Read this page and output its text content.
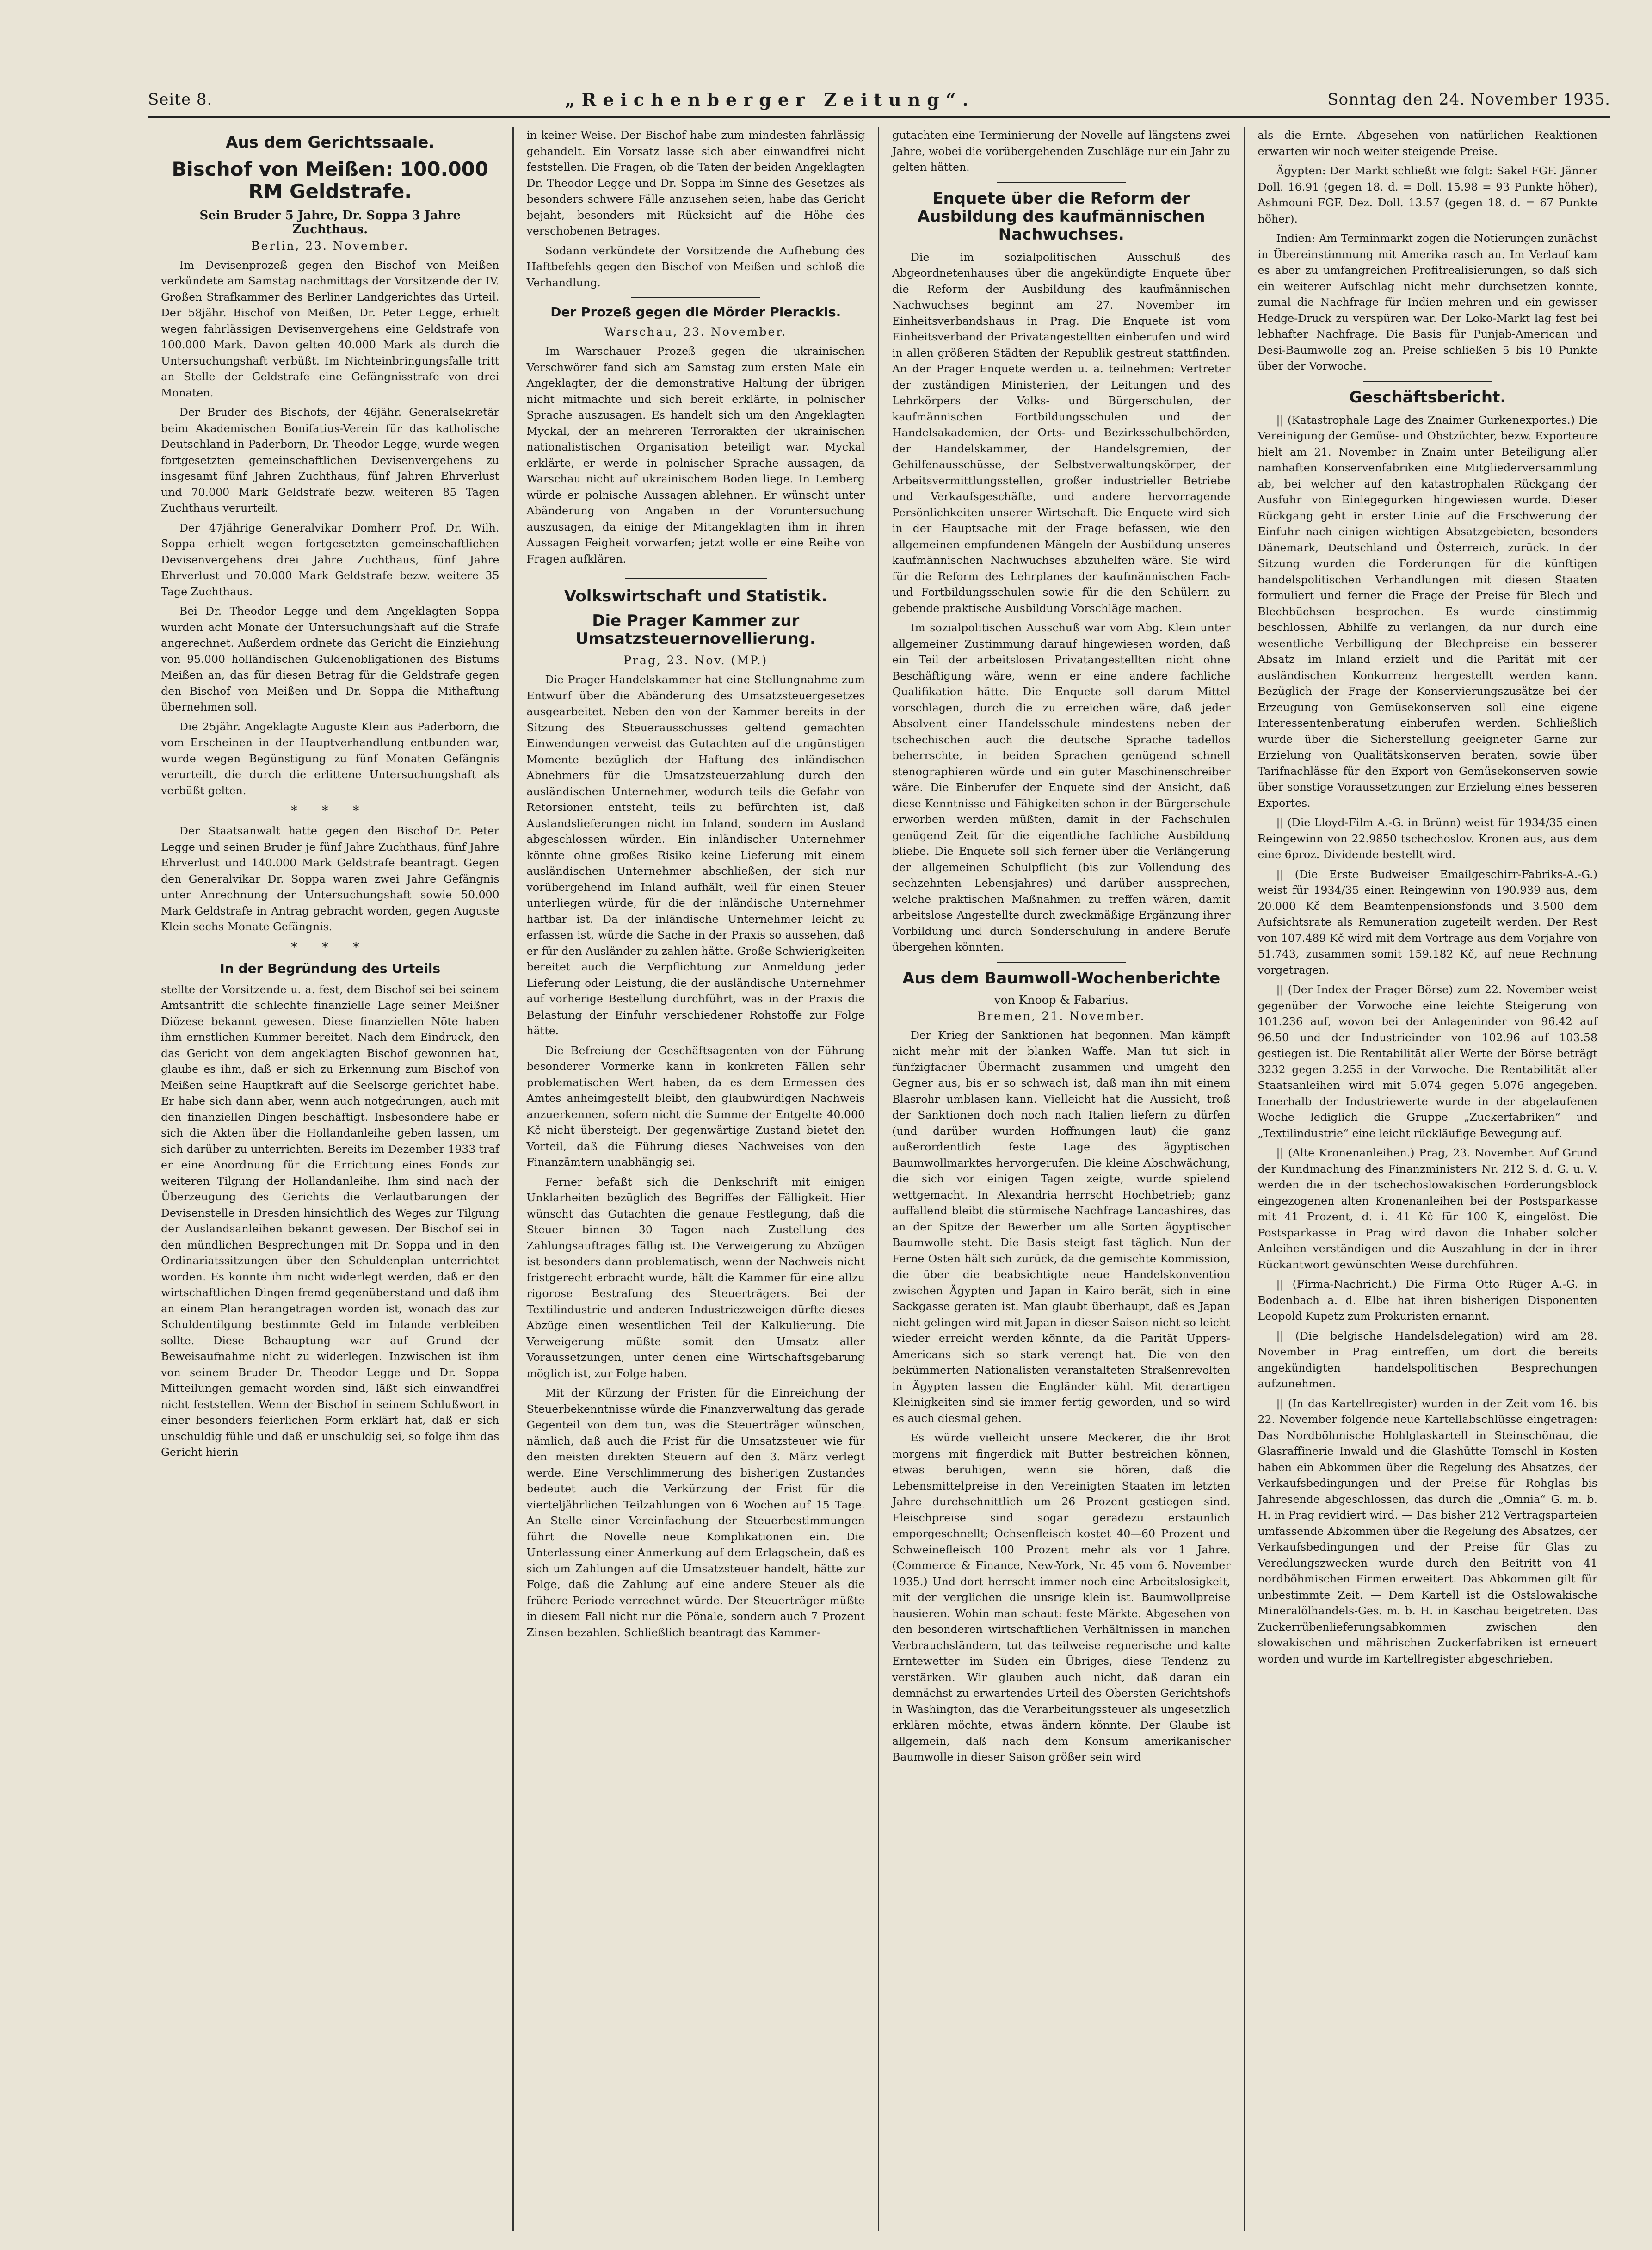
Seite 8.	„Reichenberger Zeitung“.	Sonntag den 24. November 1935.
Aus dem Gerichtssaale.
Bischof von Meißen: 100.000 RM Geldstrafe.
Sein Bruder 5 Jahre, Dr. Soppa 3 Jahre Zuchthaus.
Berlin, 23. November.

Im Devisenprozeß gegen den Bischof von Meißen verkündete am Samstag nachmittags der Vorsitzende der IV. Großen Strafkammer des Berliner Landgerichtes das Urteil. Der 58jähr. Bischof von Meißen, Dr. Peter Legge, erhielt wegen fahrlässigen Devisenvergehens eine Geldstrafe von 100.000 Mark. Davon gelten 40.000 Mark als durch die Untersuchungshaft verbüßt. Im Nichteinbringungsfalle tritt an Stelle der Geldstrafe eine Gefängnisstrafe von drei Monaten.

Der Bruder des Bischofs, der 46jähr. Generalsekretär beim Akademischen Bonifatius-Verein für das katholische Deutschland in Paderborn, Dr. Theodor Legge, wurde wegen fortgesetzten gemeinschaftlichen Devisenvergehens zu insgesamt fünf Jahren Zuchthaus, fünf Jahren Ehrverlust und 70.000 Mark Geldstrafe bezw. weiteren 85 Tagen Zuchthaus verurteilt.

Der 47jährige Generalvikar Domherr Prof. Dr. Wilh. Soppa erhielt wegen fortgesetzten gemeinschaftlichen Devisenvergehens drei Jahre Zuchthaus, fünf Jahre Ehrverlust und 70.000 Mark Geldstrafe bezw. weitere 35 Tage Zuchthaus.

Bei Dr. Theodor Legge und dem Angeklagten Soppa wurden acht Monate der Untersuchungshaft auf die Strafe angerechnet. Außerdem ordnete das Gericht die Einziehung von 95.000 holländischen Guldenobligationen des Bistums Meißen an, das für diesen Betrag für die Geldstrafe gegen den Bischof von Meißen und Dr. Soppa die Mithaftung übernehmen soll.

Die 25jähr. Angeklagte Auguste Klein aus Paderborn, die vom Erscheinen in der Hauptverhandlung entbunden war, wurde wegen Begünstigung zu fünf Monaten Gefängnis verurteilt, die durch die erlittene Untersuchungshaft als verbüßt gelten.

* * *

Der Staatsanwalt hatte gegen den Bischof Dr. Peter Legge und seinen Bruder je fünf Jahre Zuchthaus, fünf Jahre Ehrverlust und 140.000 Mark Geldstrafe beantragt. Gegen den Generalvikar Dr. Soppa waren zwei Jahre Gefängnis unter Anrechnung der Untersuchungshaft sowie 50.000 Mark Geldstrafe in Antrag gebracht worden, gegen Auguste Klein sechs Monate Gefängnis.

* * *
In der Begründung des Urteils

stellte der Vorsitzende u. a. fest, dem Bischof sei bei seinem Amtsantritt die schlechte finanzielle Lage seiner Meißner Diözese bekannt gewesen. Diese finanziellen Nöte haben ihm ernstlichen Kummer bereitet. Nach dem Eindruck, den das Gericht von dem angeklagten Bischof gewonnen hat, glaube es ihm, daß er sich zu Erkennung zum Bischof von Meißen seine Hauptkraft auf die Seelsorge gerichtet habe. Er habe sich dann aber, wenn auch notgedrungen, auch mit den finanziellen Dingen beschäftigt. Insbesondere habe er sich die Akten über die Hollandanleihe geben lassen, um sich darüber zu unterrichten. Bereits im Dezember 1933 traf er eine Anordnung für die Errichtung eines Fonds zur weiteren Tilgung der Hollandanleihe. Ihm sind nach der Überzeugung des Gerichts die Verlautbarungen der Devisenstelle in Dresden hinsichtlich des Weges zur Tilgung der Auslandsanleihen bekannt gewesen. Der Bischof sei in den mündlichen Besprechungen mit Dr. Soppa und in den Ordinariatssitzungen über den Schuldenplan unterrichtet worden. Es konnte ihm nicht widerlegt werden, daß er den wirtschaftlichen Dingen fremd gegenüberstand und daß ihm an einem Plan herangetragen worden ist, wonach das zur Schuldentilgung bestimmte Geld im Inlande verbleiben sollte. Diese Behauptung war auf Grund der Beweisaufnahme nicht zu widerlegen. Inzwischen ist ihm von seinem Bruder Dr. Theodor Legge und Dr. Soppa Mitteilungen gemacht worden sind, läßt sich einwandfrei nicht feststellen. Wenn der Bischof in seinem Schlußwort in einer besonders feierlichen Form erklärt hat, daß er sich unschuldig fühle und daß er unschuldig sei, so folge ihm das Gericht hierin

in keiner Weise. Der Bischof habe zum mindesten fahrlässig gehandelt. Ein Vorsatz lasse sich aber einwandfrei nicht feststellen. Die Fragen, ob die Taten der beiden Angeklagten Dr. Theodor Legge und Dr. Soppa im Sinne des Gesetzes als besonders schwere Fälle anzusehen seien, habe das Gericht bejaht, besonders mit Rücksicht auf die Höhe des verschobenen Betrages.

Sodann verkündete der Vorsitzende die Aufhebung des Haftbefehls gegen den Bischof von Meißen und schloß die Verhandlung.

Der Prozeß gegen die Mörder Pierackis.
Warschau, 23. November.

Im Warschauer Prozeß gegen die ukrainischen Verschwörer fand sich am Samstag zum ersten Male ein Angeklagter, der die demonstrative Haltung der übrigen nicht mitmachte und sich bereit erklärte, in polnischer Sprache auszusagen. Es handelt sich um den Angeklagten Myckal, der an mehreren Terrorakten der ukrainischen nationalistischen Organisation beteiligt war. Myckal erklärte, er werde in polnischer Sprache aussagen, da Warschau nicht auf ukrainischem Boden liege. In Lemberg würde er polnische Aussagen ablehnen. Er wünscht unter Abänderung von Angaben in der Voruntersuchung auszusagen, da einige der Mitangeklagten ihm in ihren Aussagen Feigheit vorwarfen; jetzt wolle er eine Reihe von Fragen aufklären.

Volkswirtschaft und Statistik.
Die Prager Kammer zur Umsatzsteuernovellierung.
Prag, 23. Nov. (MP.)

Die Prager Handelskammer hat eine Stellungnahme zum Entwurf über die Abänderung des Umsatzsteuergesetzes ausgearbeitet. Neben den von der Kammer bereits in der Sitzung des Steuerausschusses geltend gemachten Einwendungen verweist das Gutachten auf die ungünstigen Momente bezüglich der Haftung des inländischen Abnehmers für die Umsatzsteuerzahlung durch den ausländischen Unternehmer, wodurch teils die Gefahr von Retorsionen entsteht, teils zu befürchten ist, daß Auslandslieferungen nicht im Inland, sondern im Ausland abgeschlossen würden. Ein inländischer Unternehmer könnte ohne großes Risiko keine Lieferung mit einem ausländischen Unternehmer abschließen, der sich nur vorübergehend im Inland aufhält, weil für einen Steuer unterliegen würde, für die der inländische Unternehmer haftbar ist. Da der inländische Unternehmer leicht zu erfassen ist, würde die Sache in der Praxis so aussehen, daß er für den Ausländer zu zahlen hätte. Große Schwierigkeiten bereitet auch die Verpflichtung zur Anmeldung jeder Lieferung oder Leistung, die der ausländische Unternehmer auf vorherige Bestellung durchführt, was in der Praxis die Belastung der Einfuhr verschiedener Rohstoffe zur Folge hätte.

Die Befreiung der Geschäftsagenten von der Führung besonderer Vormerke kann in konkreten Fällen sehr problematischen Wert haben, da es dem Ermessen des Amtes anheimgestellt bleibt, den glaubwürdigen Nachweis anzuerkennen, sofern nicht die Summe der Entgelte 40.000 Kč nicht übersteigt. Der gegenwärtige Zustand bietet den Vorteil, daß die Führung dieses Nachweises von den Finanzämtern unabhängig sei.

Ferner befaßt sich die Denkschrift mit einigen Unklarheiten bezüglich des Begriffes der Fälligkeit. Hier wünscht das Gutachten die genaue Festlegung, daß die Steuer binnen 30 Tagen nach Zustellung des Zahlungsauftrages fällig ist. Die Verweigerung zu Abzügen ist besonders dann problematisch, wenn der Nachweis nicht fristgerecht erbracht wurde, hält die Kammer für eine allzu rigorose Bestrafung des Steuerträgers. Bei der Textilindustrie und anderen Industriezweigen dürfte dieses Abzüge einen wesentlichen Teil der Kalkulierung. Die Verweigerung müßte somit den Umsatz aller Voraussetzungen, unter denen eine Wirtschaftsgebarung möglich ist, zur Folge haben.

Mit der Kürzung der Fristen für die Einreichung der Steuerbekenntnisse würde die Finanzverwaltung das gerade Gegenteil von dem tun, was die Steuerträger wünschen, nämlich, daß auch die Frist für die Umsatzsteuer wie für den meisten direkten Steuern auf den 3. März verlegt werde. Eine Verschlimmerung des bisherigen Zustandes bedeutet auch die Verkürzung der Frist für die vierteljährlichen Teilzahlungen von 6 Wochen auf 15 Tage. An Stelle einer Vereinfachung der Steuerbestimmungen führt die Novelle neue Komplikationen ein. Die Unterlassung einer Anmerkung auf dem Erlagschein, daß es sich um Zahlungen auf die Umsatzsteuer handelt, hätte zur Folge, daß die Zahlung auf eine andere Steuer als die frühere Periode verrechnet würde. Der Steuerträger müßte in diesem Fall nicht nur die Pönale, sondern auch 7 Prozent Zinsen bezahlen. Schließlich beantragt das Kammer-

gutachten eine Terminierung der Novelle auf längstens zwei Jahre, wobei die vorübergehenden Zuschläge nur ein Jahr zu gelten hätten.

Enquete über die Reform der Ausbildung des kaufmännischen Nachwuchses.

Die im sozialpolitischen Ausschuß des Abgeordnetenhauses über die angekündigte Enquete über die Reform der Ausbildung des kaufmännischen Nachwuchses beginnt am 27. November im Einheitsverbandshaus in Prag. Die Enquete ist vom Einheitsverband der Privatangestellten einberufen und wird in allen größeren Städten der Republik gestreut stattfinden. An der Prager Enquete werden u. a. teilnehmen: Vertreter der zuständigen Ministerien, der Leitungen und des Lehrkörpers der Volks- und Bürgerschulen, der kaufmännischen Fortbildungsschulen und der Handelsakademien, der Orts- und Bezirksschulbehörden, der Handelskammer, der Handelsgremien, der Gehilfenausschüsse, der Selbstverwaltungskörper, der Arbeitsvermittlungsstellen, großer industrieller Betriebe und Verkaufsgeschäfte, und andere hervorragende Persönlichkeiten unserer Wirtschaft. Die Enquete wird sich in der Hauptsache mit der Frage befassen, wie den allgemeinen empfundenen Mängeln der Ausbildung unseres kaufmännischen Nachwuchses abzuhelfen wäre. Sie wird für die Reform des Lehrplanes der kaufmännischen Fach- und Fortbildungsschulen sowie für die den Schülern zu gebende praktische Ausbildung Vorschläge machen.

Im sozialpolitischen Ausschuß war vom Abg. Klein unter allgemeiner Zustimmung darauf hingewiesen worden, daß ein Teil der arbeitslosen Privatangestellten nicht ohne Beschäftigung wäre, wenn er eine andere fachliche Qualifikation hätte. Die Enquete soll darum Mittel vorschlagen, durch die zu erreichen wäre, daß jeder Absolvent einer Handelsschule mindestens neben der tschechischen auch die deutsche Sprache tadellos beherrschte, in beiden Sprachen genügend schnell stenographieren würde und ein guter Maschinenschreiber wäre. Die Einberufer der Enquete sind der Ansicht, daß diese Kenntnisse und Fähigkeiten schon in der Bürgerschule erworben werden müßten, damit in der Fachschulen genügend Zeit für die eigentliche fachliche Ausbildung bliebe. Die Enquete soll sich ferner über die Verlängerung der allgemeinen Schulpflicht (bis zur Vollendung des sechzehnten Lebensjahres) und darüber aussprechen, welche praktischen Maßnahmen zu treffen wären, damit arbeitslose Angestellte durch zweckmäßige Ergänzung ihrer Vorbildung und durch Sonderschulung in andere Berufe übergehen könnten.

Aus dem Baumwoll-Wochenberichte
von Knoop & Fabarius.
Bremen, 21. November.

Der Krieg der Sanktionen hat begonnen. Man kämpft nicht mehr mit der blanken Waffe. Man tut sich in fünfzigfacher Übermacht zusammen und umgeht den Gegner aus, bis er so schwach ist, daß man ihn mit einem Blasrohr umblasen kann. Vielleicht hat die Aussicht, troß der Sanktionen doch noch nach Italien liefern zu dürfen (und darüber wurden Hoffnungen laut) die ganz außerordentlich feste Lage des ägyptischen Baumwollmarktes hervorgerufen. Die kleine Abschwächung, die sich vor einigen Tagen zeigte, wurde spielend wettgemacht. In Alexandria herrscht Hochbetrieb; ganz auffallend bleibt die stürmische Nachfrage Lancashires, das an der Spitze der Bewerber um alle Sorten ägyptischer Baumwolle steht. Die Basis steigt fast täglich. Nun der Ferne Osten hält sich zurück, da die gemischte Kommission, die über die beabsichtigte neue Handelskonvention zwischen Ägypten und Japan in Kairo berät, sich in eine Sackgasse geraten ist. Man glaubt überhaupt, daß es Japan nicht gelingen wird mit Japan in dieser Saison nicht so leicht wieder erreicht werden könnte, da die Parität Uppers-Americans sich so stark verengt hat. Die von den bekümmerten Nationalisten veranstalteten Straßenrevolten in Ägypten lassen die Engländer kühl. Mit derartigen Kleinigkeiten sind sie immer fertig geworden, und so wird es auch diesmal gehen.

Es würde vielleicht unsere Meckerer, die ihr Brot morgens mit fingerdick mit Butter bestreichen können, etwas beruhigen, wenn sie hören, daß die Lebensmittelpreise in den Vereinigten Staaten im letzten Jahre durchschnittlich um 26 Prozent gestiegen sind. Fleischpreise sind sogar geradezu erstaunlich emporgeschnellt; Ochsenfleisch kostet 40—60 Prozent und Schweinefleisch 100 Prozent mehr als vor 1 Jahre. (Commerce & Finance, New-York, Nr. 45 vom 6. November 1935.) Und dort herrscht immer noch eine Arbeitslosigkeit, mit der verglichen die unsrige klein ist. Baumwollpreise hausieren. Wohin man schaut: feste Märkte. Abgesehen von den besonderen wirtschaftlichen Verhältnissen in manchen Verbrauchsländern, tut das teilweise regnerische und kalte Erntewetter im Süden ein Übriges, diese Tendenz zu verstärken. Wir glauben auch nicht, daß daran ein demnächst zu erwartendes Urteil des Obersten Gerichtshofs in Washington, das die Verarbeitungssteuer als ungesetzlich erklären möchte, etwas ändern könnte. Der Glaube ist allgemein, daß nach dem Konsum amerikanischer Baumwolle in dieser Saison größer sein wird

als die Ernte. Abgesehen von natürlichen Reaktionen erwarten wir noch weiter steigende Preise.

Ägypten: Der Markt schließt wie folgt: Sakel FGF. Jänner Doll. 16.91 (gegen 18. d. = Doll. 15.98 = 93 Punkte höher), Ashmouni FGF. Dez. Doll. 13.57 (gegen 18. d. = 67 Punkte höher).

Indien: Am Terminmarkt zogen die Notierungen zunächst in Übereinstimmung mit Amerika rasch an. Im Verlauf kam es aber zu umfangreichen Profitrealisierungen, so daß sich ein weiterer Aufschlag nicht mehr durchsetzen konnte, zumal die Nachfrage für Indien mehren und ein gewisser Hedge-Druck zu verspüren war. Der Loko-Markt lag fest bei lebhafter Nachfrage. Die Basis für Punjab-American und Desi-Baumwolle zog an. Preise schließen 5 bis 10 Punkte über der Vorwoche.

Geschäftsbericht.

|| (Katastrophale Lage des Znaimer Gurkenexportes.) Die Vereinigung der Gemüse- und Obstzüchter, bezw. Exporteure hielt am 21. November in Znaim unter Beteiligung aller namhaften Konservenfabriken eine Mitgliederversammlung ab, bei welcher auf den katastrophalen Rückgang der Ausfuhr von Einlegegurken hingewiesen wurde. Dieser Rückgang geht in erster Linie auf die Erschwerung der Einfuhr nach einigen wichtigen Absatzgebieten, besonders Dänemark, Deutschland und Österreich, zurück. In der Sitzung wurden die Forderungen für die künftigen handelspolitischen Verhandlungen mit diesen Staaten formuliert und ferner die Frage der Preise für Blech und Blechbüchsen besprochen. Es wurde einstimmig beschlossen, Abhilfe zu verlangen, da nur durch eine wesentliche Verbilligung der Blechpreise ein besserer Absatz im Inland erzielt und die Parität mit der ausländischen Konkurrenz hergestellt werden kann. Bezüglich der Frage der Konservierungszusätze bei der Erzeugung von Gemüsekonserven soll eine eigene Interessentenberatung einberufen werden. Schließlich wurde über die Sicherstellung geeigneter Garne zur Erzielung von Qualitätskonserven beraten, sowie über Tarifnachlässe für den Export von Gemüsekonserven sowie über sonstige Voraussetzungen zur Erzielung eines besseren Exportes.

|| (Die Lloyd-Film A.-G. in Brünn) weist für 1934/35 einen Reingewinn von 22.9850 tschechoslov. Kronen aus, aus dem eine 6proz. Dividende bestellt wird.

|| (Die Erste Budweiser Emailgeschirr-Fabriks-A.-G.) weist für 1934/35 einen Reingewinn von 190.939 aus, dem 20.000 Kč dem Beamtenpensionsfonds und 3.500 dem Aufsichtsrate als Remuneration zugeteilt werden. Der Rest von 107.489 Kč wird mit dem Vortrage aus dem Vorjahre von 51.743, zusammen somit 159.182 Kč, auf neue Rechnung vorgetragen.

|| (Der Index der Prager Börse) zum 22. November weist gegenüber der Vorwoche eine leichte Steigerung von 101.236 auf, wovon bei der Anlageninder von 96.42 auf 96.50 und der Industrieinder von 102.96 auf 103.58 gestiegen ist. Die Rentabilität aller Werte der Börse beträgt 3232 gegen 3.255 in der Vorwoche. Die Rentabilität aller Staatsanleihen wird mit 5.074 gegen 5.076 angegeben. Innerhalb der Industriewerte wurde in der abgelaufenen Woche lediglich die Gruppe „Zuckerfabriken“ und „Textilindustrie“ eine leicht rückläufige Bewegung auf.

|| (Alte Kronenanleihen.) Prag, 23. November. Auf Grund der Kundmachung des Finanzministers Nr. 212 S. d. G. u. V. werden die in der tschechoslowakischen Forderungsblock eingezogenen alten Kronenanleihen bei der Postsparkasse mit 41 Prozent, d. i. 41 Kč für 100 K, eingelöst. Die Postsparkasse in Prag wird davon die Inhaber solcher Anleihen verständigen und die Auszahlung in der in ihrer Rückantwort gewünschten Weise durchführen.

|| (Firma-Nachricht.) Die Firma Otto Rüger A.-G. in Bodenbach a. d. Elbe hat ihren bisherigen Disponenten Leopold Kupetz zum Prokuristen ernannt.

|| (Die belgische Handelsdelegation) wird am 28. November in Prag eintreffen, um dort die bereits angekündigten handelspolitischen Besprechungen aufzunehmen.

|| (In das Kartellregister) wurden in der Zeit vom 16. bis 22. November folgende neue Kartellabschlüsse eingetragen: Das Nordböhmische Hohlglaskartell in Steinschönau, die Glasraffinerie Inwald und die Glashütte Tomschl in Kosten haben ein Abkommen über die Regelung des Absatzes, der Verkaufsbedingungen und der Preise für Rohglas bis Jahresende abgeschlossen, das durch die „Omnia“ G. m. b. H. in Prag revidiert wird. — Das bisher 212 Vertragsparteien umfassende Abkommen über die Regelung des Absatzes, der Verkaufsbedingungen und der Preise für Glas zu Veredlungszwecken wurde durch den Beitritt von 41 nordböhmischen Firmen erweitert. Das Abkommen gilt für unbestimmte Zeit. — Dem Kartell ist die Ostslowakische Mineralölhandels-Ges. m. b. H. in Kaschau beigetreten. Das Zuckerrübenlieferungsabkommen zwischen den slowakischen und mährischen Zuckerfabriken ist erneuert worden und wurde im Kartellregister abgeschrieben.
